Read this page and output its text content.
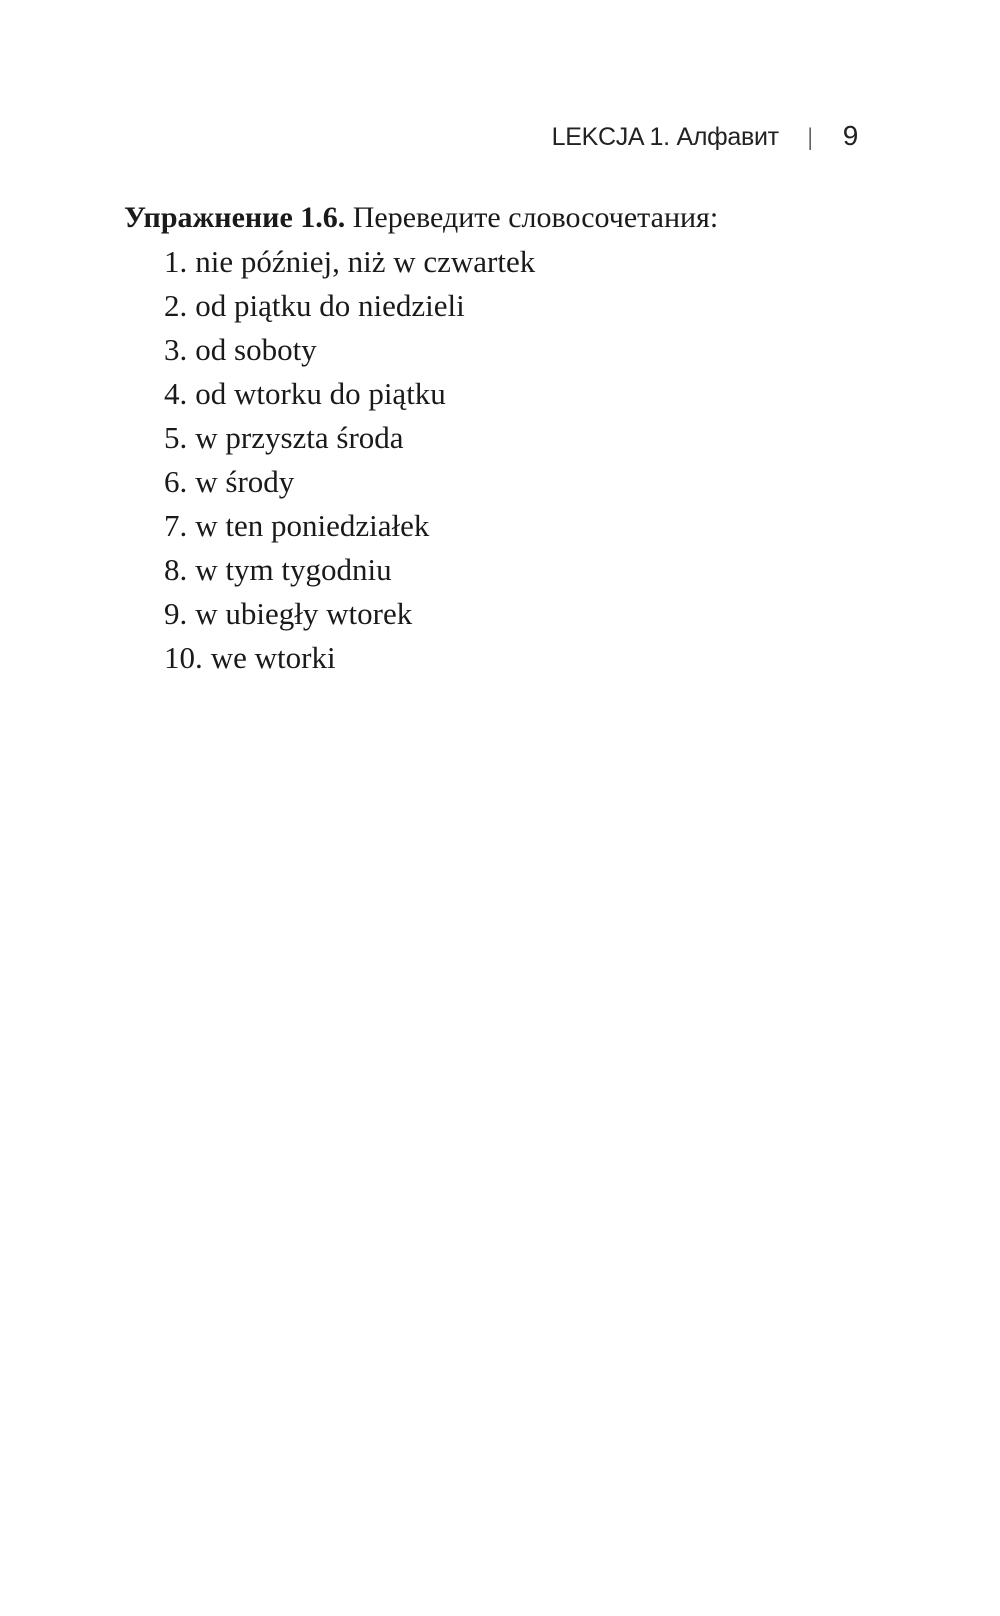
LEKCJA 1. Алфавит | 9

Упражнение 1.6. Переведите словосочетания:

1. nie później, niż w czwartek
2. od piątku do niedzieli
3. od soboty
4. od wtorku do piątku
5. w przyszta środa
6. w środy
7. w ten poniedziałek
8. w tym tygodniu
9. w ubiegły wtorek
10. we wtorki
